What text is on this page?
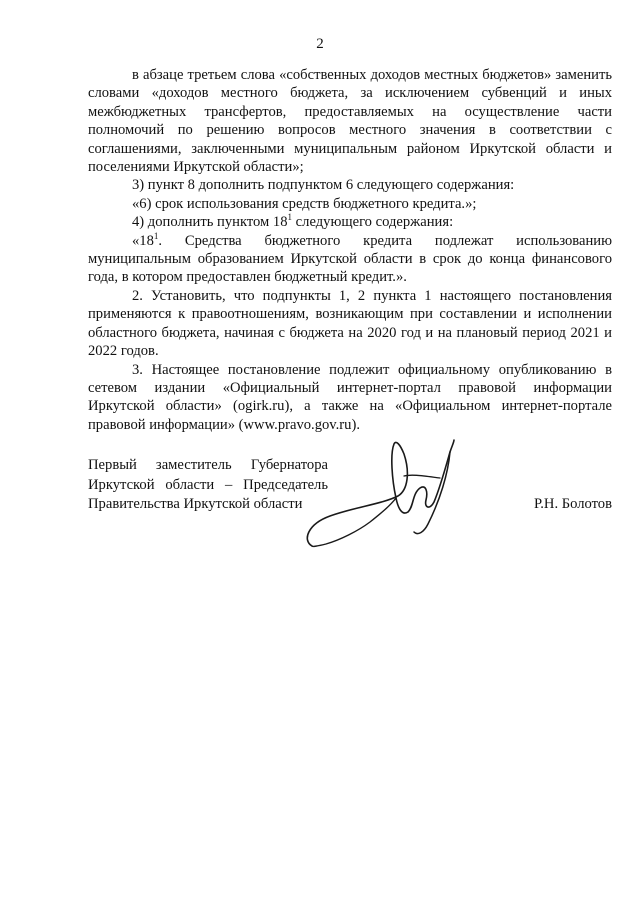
2

в абзаце третьем слова «собственных доходов местных бюджетов» заменить словами «доходов местного бюджета, за исключением субвенций и иных межбюджетных трансфертов, предоставляемых на осуществление части полномочий по решению вопросов местного значения в соответствии с соглашениями, заключенными муниципальным районом Иркутской области и поселениями Иркутской области»;

3) пункт 8 дополнить подпунктом 6 следующего содержания:

«6) срок использования средств бюджетного кредита.»;

4) дополнить пунктом $18^1$ следующего содержания:

«$18^1$. Средства бюджетного кредита подлежат использованию муниципальным образованием Иркутской области в срок до конца финансового года, в котором предоставлен бюджетный кредит.».

2. Установить, что подпункты 1, 2 пункта 1 настоящего постановления применяются к правоотношениям, возникающим при составлении и исполнении областного бюджета, начиная с бюджета на 2020 год и на плановый период 2021 и 2022 годов.

3. Настоящее постановление подлежит официальному опубликованию в сетевом издании «Официальный интернет-портал правовой информации Иркутской области» (ogirk.ru), а также на «Официальном интернет-портале правовой информации» (www.pravo.gov.ru).

Первый заместитель Губернатора
Иркутской области – Председатель
Правительства Иркутской области	Р.Н. Болотов
